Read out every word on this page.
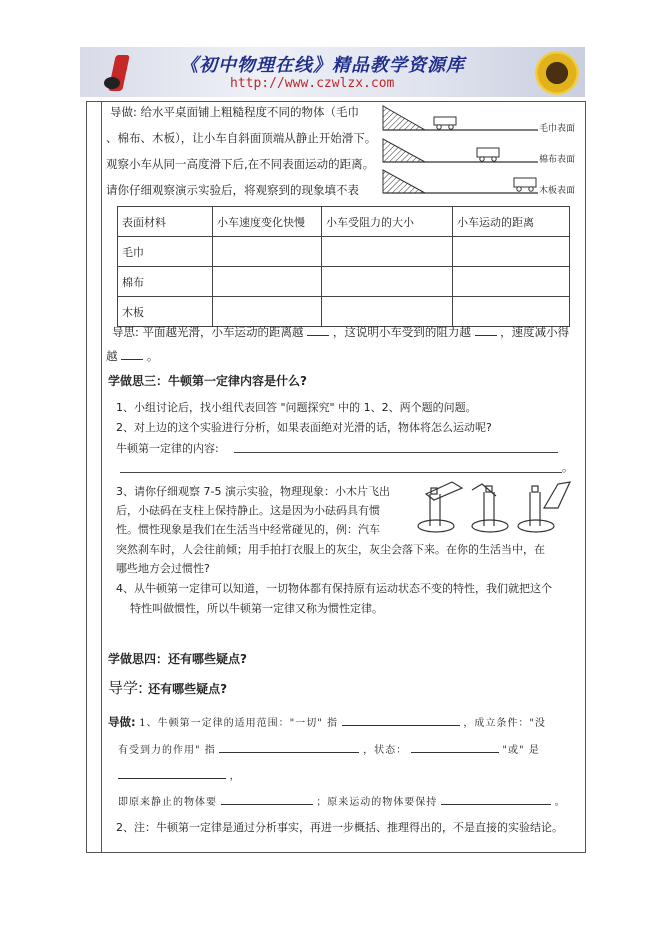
《初中物理在线》精品教学资源库
http://www.czwlzx.com
导做: 给水平桌面铺上粗糙程度不同的物体（毛巾
、棉布、木板），让小车自斜面顶端从静止开始滑下。
观察小车从同一高度滑下后,在不同表面运动的距离。
请你仔细观察演示实验后，将观察到的现象填不表
毛巾表面
棉布表面
木板表面
表面材料	小车速度变化快慢	小车受阻力的大小	小车运动的距离
毛巾			
棉布			
木板			
导思: 平面越光滑，小车运动的距离越	，这说明小车受到的阻力越	，速度减小得
越	。
学做思三：牛顿第一定律内容是什么?
1、小组讨论后，找小组代表回答 "问题探究" 中的 1、2、两个题的问题。
2、对上边的这个实验进行分析，如果表面绝对光滑的话，物体将怎么运动呢?
牛顿第一定律的内容:
。
3、请你仔细观察 7-5 演示实验，物理现象：小木片飞出
后，小砝码在支柱上保持静止。这是因为小砝码具有惯
性。惯性现象是我们在生活当中经常碰见的，例：汽车
突然刹车时，人会往前倾；用手拍打衣服上的灰尘，灰尘会落下来。在你的生活当中，在
哪些地方会过惯性?
4、从牛顿第一定律可以知道，一切物体都有保持原有运动状态不变的特性，我们就把这个
特性叫做惯性，所以牛顿第一定律又称为惯性定律。
学做思四：还有哪些疑点?
导学: 还有哪些疑点?
导做: 1、牛顿第一定律的适用范围："一切" 指	，成立条件："没
有受到力的作用" 指	，状态：	"或" 是
，
即原来静止的物体要	；原来运动的物体要保持	。
2、注：牛顿第一定律是通过分析事实，再进一步概括、推理得出的，不是直接的实验结论。
